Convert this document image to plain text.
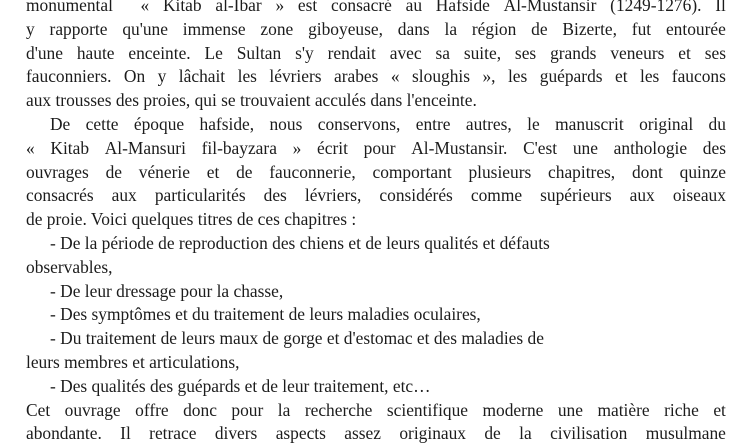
monumental « Kitab al-Ibar » est consacré au Hafside Al-Mustansir (1249-1276). Il
y rapporte qu'une immense zone giboyeuse, dans la région de Bizerte, fut entourée
d'une haute enceinte. Le Sultan s'y rendait avec sa suite, ses grands veneurs et ses
fauconniers. On y lâchait les lévriers arabes « sloughis », les guépards et les faucons
aux trousses des proies, qui se trouvaient acculés dans l'enceinte.
De cette époque hafside, nous conservons, entre autres, le manuscrit original du
« Kitab Al-Mansuri fil-bayzara » écrit pour Al-Mustansir. C'est une anthologie des
ouvrages de vénerie et de fauconnerie, comportant plusieurs chapitres, dont quinze
consacrés aux particularités des lévriers, considérés comme supérieurs aux oiseaux
de proie. Voici quelques titres de ces chapitres :
- De la période de reproduction des chiens et de leurs qualités et défauts
observables,
- De leur dressage pour la chasse,
- Des symptômes et du traitement de leurs maladies oculaires,
- Du traitement de leurs maux de gorge et d'estomac et des maladies de
leurs membres et articulations,
- Des qualités des guépards et de leur traitement, etc…
Cet ouvrage offre donc pour la recherche scientifique moderne une matière riche et
abondante. Il retrace divers aspects assez originaux de la civilisation musulmane
